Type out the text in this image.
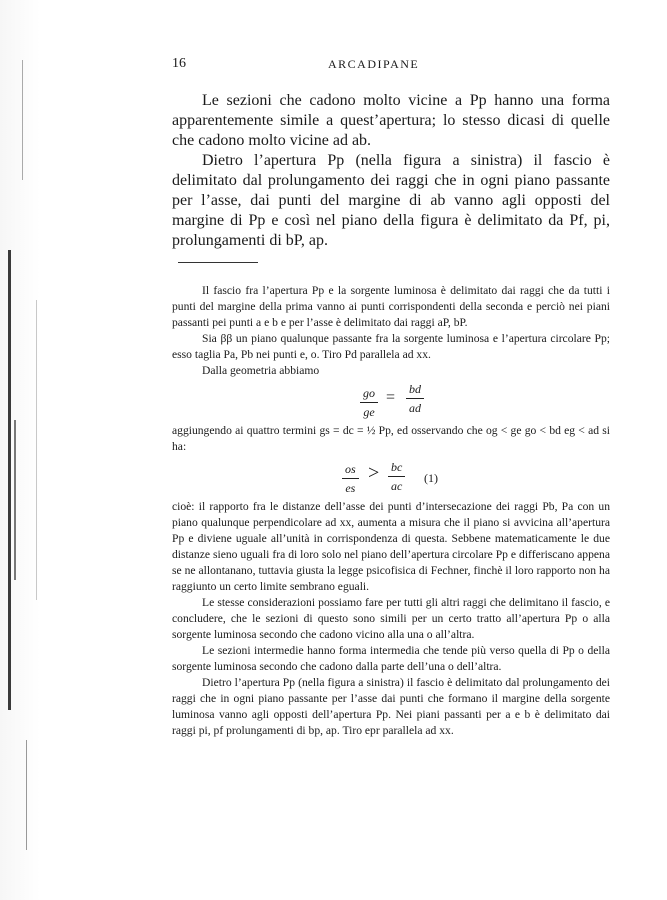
16	ARCADIPANE

Le sezioni che cadono molto vicine a Pp hanno una forma apparentemente simile a quest’apertura; lo stesso dicasi di quelle che cadono molto vicine ad ab.

Dietro l’apertura Pp (nella figura a sinistra) il fascio è delimitato dal prolungamento dei raggi che in ogni piano passante per l’asse, dai punti del margine di ab vanno agli opposti del margine di Pp e così nel piano della figura è delimitato da Pf, pi, prolungamenti di bP, ap.

Il fascio fra l’apertura Pp e la sorgente luminosa è delimitato dai raggi che da tutti i punti del margine della prima vanno ai punti corrispondenti della seconda e perciò nei piani passanti pei punti a e b e per l’asse è delimitato dai raggi aP, bP.

Sia ββ un piano qualunque passante fra la sorgente luminosa e l’apertura circolare Pp; esso taglia Pa, Pb nei punti e, o. Tiro Pd parallela ad xx.

Dalla geometria abbiamo

go
ge
= bd
ad

aggiungendo ai quattro termini gs = dc = ½ Pp, ed osservando che og < ge go < bd eg < ad si ha:

os
es
> bc
ac
(1)

cioè: il rapporto fra le distanze dell’asse dei punti d’intersecazione dei raggi Pb, Pa con un piano qualunque perpendicolare ad xx, aumenta a misura che il piano si avvicina all’apertura Pp e diviene uguale all’unità in corrispondenza di questa. Sebbene matematicamente le due distanze sieno uguali fra di loro solo nel piano dell’apertura circolare Pp e differiscano appena se ne allontanano, tuttavia giusta la legge psicofisica di Fechner, finchè il loro rapporto non ha raggiunto un certo limite sembrano eguali.

Le stesse considerazioni possiamo fare per tutti gli altri raggi che delimitano il fascio, e concludere, che le sezioni di questo sono simili per un certo tratto all’apertura Pp o alla sorgente luminosa secondo che cadono vicino alla una o all’altra.

Le sezioni intermedie hanno forma intermedia che tende più verso quella di Pp o della sorgente luminosa secondo che cadono dalla parte dell’una o dell’altra.

Dietro l’apertura Pp (nella figura a sinistra) il fascio è delimitato dal prolungamento dei raggi che in ogni piano passante per l’asse dai punti che formano il margine della sorgente luminosa vanno agli opposti dell’apertura Pp. Nei piani passanti per a e b è delimitato dai raggi pi, pf prolungamenti di bp, ap. Tiro epr parallela ad xx.
